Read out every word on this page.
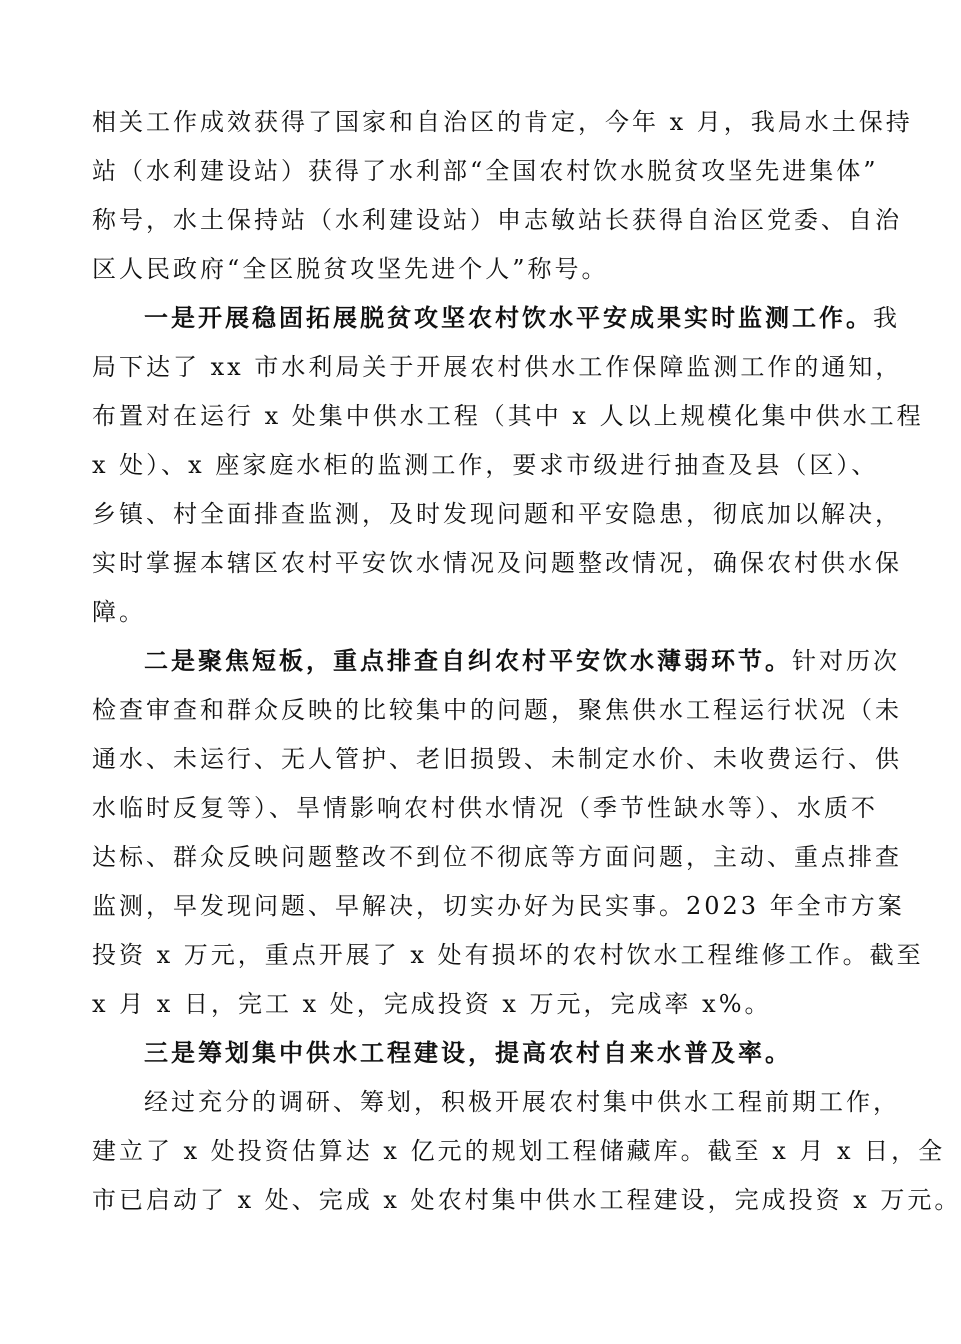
相关工作成效获得了国家和自治区的肯定，今年 x 月，我局水土保持
站（水利建设站）获得了水利部“全国农村饮水脱贫攻坚先进集体”
称号，水土保持站（水利建设站）申志敏站长获得自治区党委、自治
区人民政府“全区脱贫攻坚先进个人”称号。
一是开展稳固拓展脱贫攻坚农村饮水平安成果实时监测工作。我
局下达了 xx 市水利局关于开展农村供水工作保障监测工作的通知，
布置对在运行 x 处集中供水工程（其中 x 人以上规模化集中供水工程
x 处）、x 座家庭水柜的监测工作，要求市级进行抽查及县（区）、
乡镇、村全面排查监测，及时发现问题和平安隐患，彻底加以解决，
实时掌握本辖区农村平安饮水情况及问题整改情况，确保农村供水保
障。
二是聚焦短板，重点排查自纠农村平安饮水薄弱环节。针对历次
检查审查和群众反映的比较集中的问题，聚焦供水工程运行状况（未
通水、未运行、无人管护、老旧损毁、未制定水价、未收费运行、供
水临时反复等）、旱情影响农村供水情况（季节性缺水等）、水质不
达标、群众反映问题整改不到位不彻底等方面问题，主动、重点排查
监测，早发现问题、早解决，切实办好为民实事。2023 年全市方案
投资 x 万元，重点开展了 x 处有损坏的农村饮水工程维修工作。截至
x 月 x 日，完工 x 处，完成投资 x 万元，完成率 x%。
三是筹划集中供水工程建设，提高农村自来水普及率。
经过充分的调研、筹划，积极开展农村集中供水工程前期工作，
建立了 x 处投资估算达 x 亿元的规划工程储藏库。截至 x 月 x 日，全
市已启动了 x 处、完成 x 处农村集中供水工程建设，完成投资 x 万元。
